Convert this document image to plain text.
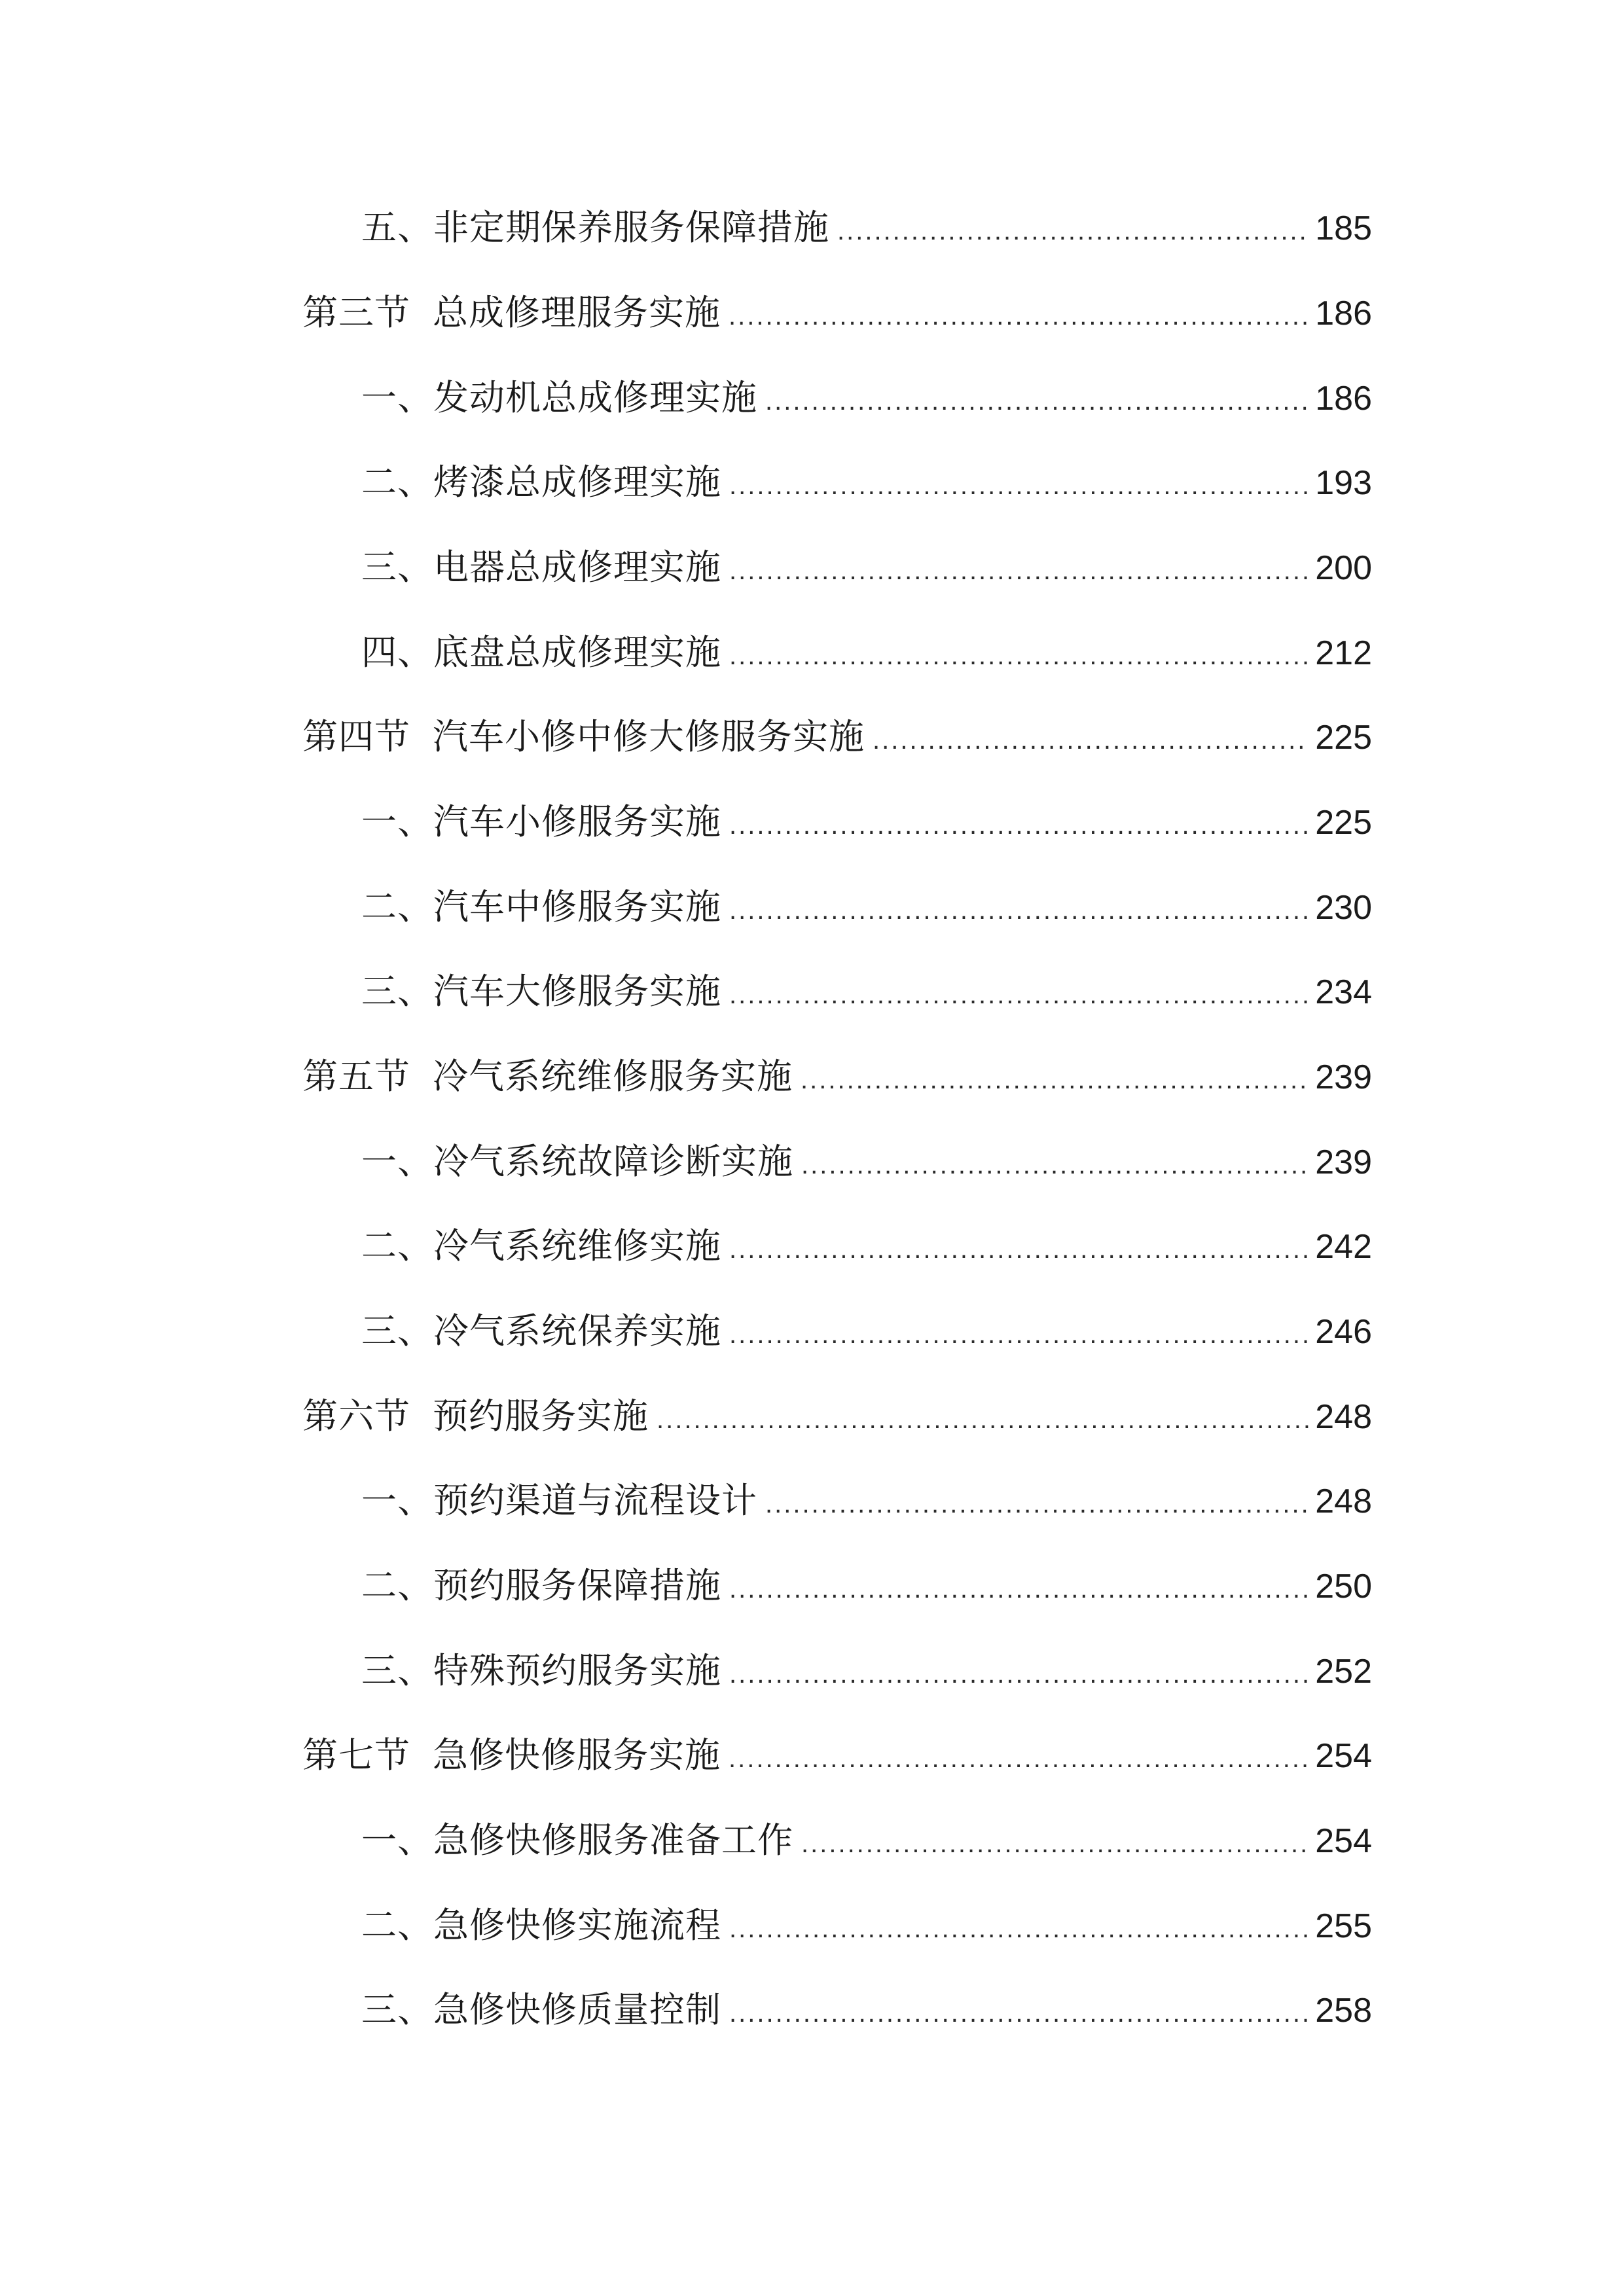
五、非定期保养服务保障措施 .....	185
第三节 总成修理服务实施 .....	186
一、发动机总成修理实施 .....	186
二、烤漆总成修理实施 .....	193
三、电器总成修理实施 .....	200
四、底盘总成修理实施 .....	212
第四节 汽车小修中修大修服务实施 .....	225
一、汽车小修服务实施 .....	225
二、汽车中修服务实施 .....	230
三、汽车大修服务实施 .....	234
第五节 冷气系统维修服务实施 .....	239
一、冷气系统故障诊断实施 .....	239
二、冷气系统维修实施 .....	242
三、冷气系统保养实施 .....	246
第六节 预约服务实施 .....	248
一、预约渠道与流程设计 .....	248
二、预约服务保障措施 .....	250
三、特殊预约服务实施 .....	252
第七节 急修快修服务实施 .....	254
一、急修快修服务准备工作 .....	254
二、急修快修实施流程 .....	255
三、急修快修质量控制 .....	258
